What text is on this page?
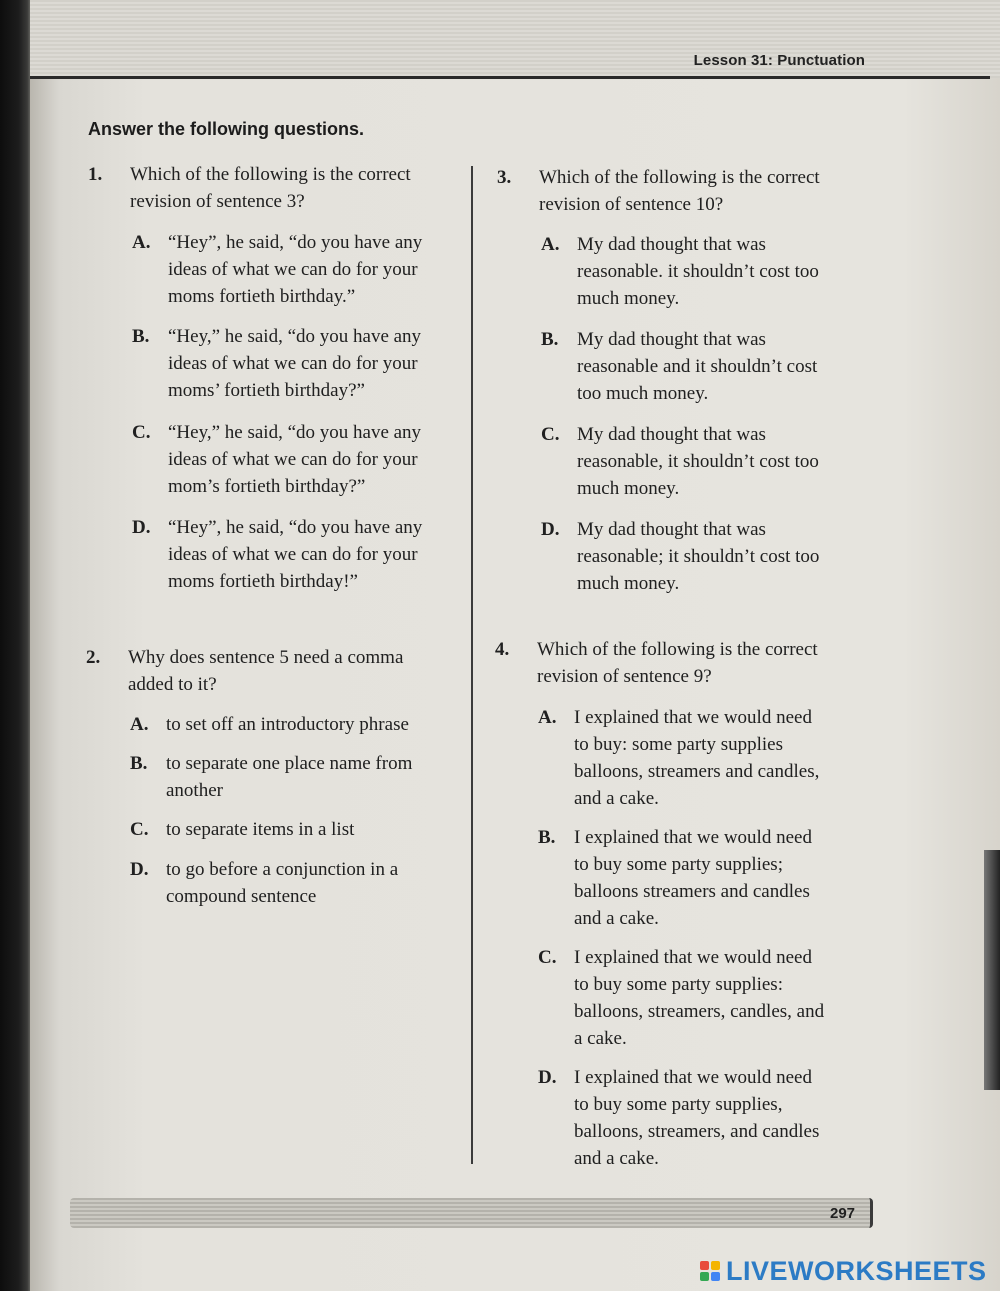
Lesson 31: Punctuation
Answer the following questions.
1. Which of the following is the correct
revision of sentence 3?
A. “Hey”, he said, “do you have any
ideas of what we can do for your
moms fortieth birthday.”
B. “Hey,” he said, “do you have any
ideas of what we can do for your
moms’ fortieth birthday?”
C. “Hey,” he said, “do you have any
ideas of what we can do for your
mom’s fortieth birthday?”
D. “Hey”, he said, “do you have any
ideas of what we can do for your
moms fortieth birthday!”
2. Why does sentence 5 need a comma
added to it?
A. to set off an introductory phrase
B. to separate one place name from
another
C. to separate items in a list
D. to go before a conjunction in a
compound sentence
3. Which of the following is the correct
revision of sentence 10?
A. My dad thought that was
reasonable. it shouldn’t cost too
much money.
B. My dad thought that was
reasonable and it shouldn’t cost
too much money.
C. My dad thought that was
reasonable, it shouldn’t cost too
much money.
D. My dad thought that was
reasonable; it shouldn’t cost too
much money.
4. Which of the following is the correct
revision of sentence 9?
A. I explained that we would need
to buy: some party supplies
balloons, streamers and candles,
and a cake.
B. I explained that we would need
to buy some party supplies;
balloons streamers and candles
and a cake.
C. I explained that we would need
to buy some party supplies:
balloons, streamers, candles, and
a cake.
D. I explained that we would need
to buy some party supplies,
balloons, streamers, and candles
and a cake.
297
LIVEWORKSHEETS
